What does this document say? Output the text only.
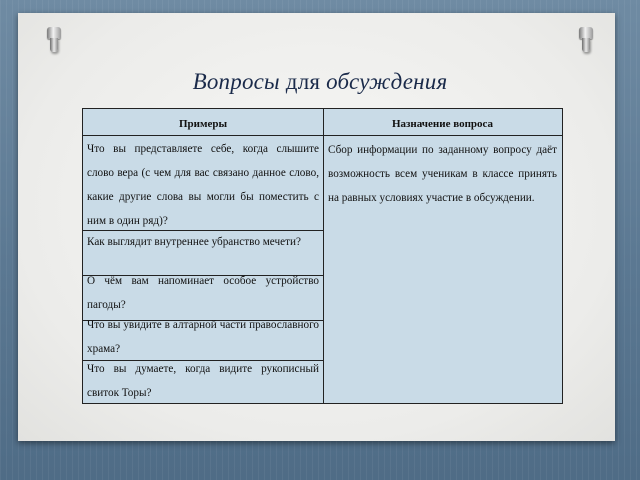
Вопросы для обсуждения
Примеры
Что вы представляете себе, когда слышите слово вера (с чем для вас связано данное слово, какие другие слова вы могли бы поместить с ним в один ряд)?
Как выглядит внутреннее убранство мечети?
О чём вам напоминает особое устройство пагоды?
Что вы увидите в алтарной части православного храма?
Что вы думаете, когда видите рукописный свиток Торы?
Назначение вопроса
Сбор информации по заданному вопросу даёт возможность всем ученикам в классе принять на равных условиях участие в обсуждении.
